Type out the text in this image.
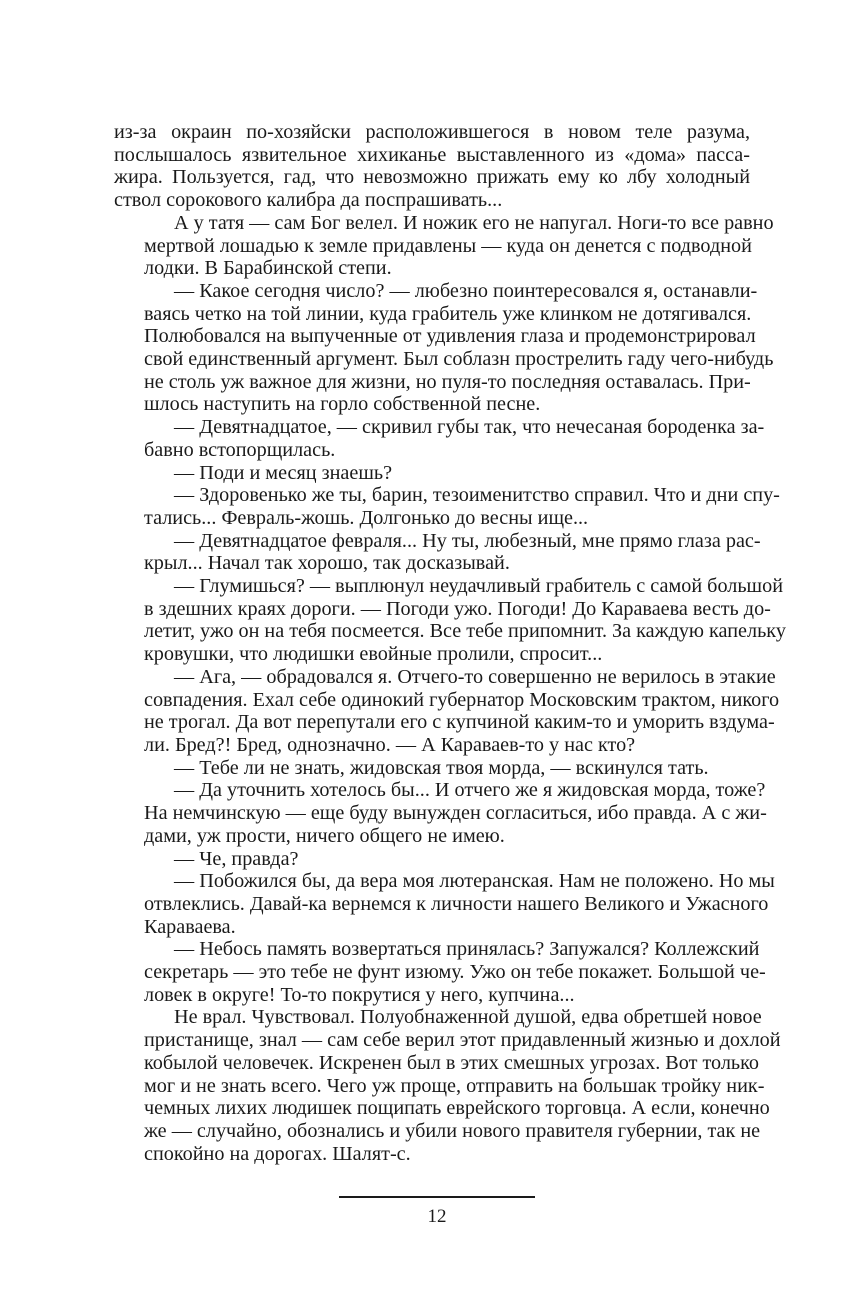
из-за окраин по-хозяйски расположившегося в новом теле разума,
послышалось язвительное хихиканье выставленного из «дома» пасса-
жира. Пользуется, гад, что невозможно прижать ему ко лбу холодный
ствол сорокового калибра да поспрашивать...

А у татя — сам Бог велел. И ножик его не напугал. Ноги-то все равно
мертвой лошадью к земле придавлены — куда он денется с подводной
лодки. В Барабинской степи.

— Какое сегодня число? — любезно поинтересовался я, останавли-
ваясь четко на той линии, куда грабитель уже клинком не дотягивался.
Полюбовался на выпученные от удивления глаза и продемонстрировал
свой единственный аргумент. Был соблазн прострелить гаду чего-нибудь
не столь уж важное для жизни, но пуля-то последняя оставалась. При-
шлось наступить на горло собственной песне.

— Девятнадцатое, — скривил губы так, что нечесаная бороденка за-
бавно встопорщилась.

— Поди и месяц знаешь?

— Здоровенько же ты, барин, тезоименитство справил. Что и дни спу-
тались... Февраль-жошь. Долгонько до весны ище...

— Девятнадцатое февраля... Ну ты, любезный, мне прямо глаза рас-
крыл... Начал так хорошо, так досказывай.

— Глумишься? — выплюнул неудачливый грабитель с самой большой
в здешних краях дороги. — Погоди ужо. Погоди! До Караваева весть до-
летит, ужо он на тебя посмеется. Все тебе припомнит. За каждую капельку
кровушки, что людишки евойные пролили, спросит...

— Ага, — обрадовался я. Отчего-то совершенно не верилось в этакие
совпадения. Ехал себе одинокий губернатор Московским трактом, никого
не трогал. Да вот перепутали его с купчиной каким-то и уморить вздума-
ли. Бред?! Бред, однозначно. — А Караваев-то у нас кто?

— Тебе ли не знать, жидовская твоя морда, — вскинулся тать.

— Да уточнить хотелось бы... И отчего же я жидовская морда, тоже?
На немчинскую — еще буду вынужден согласиться, ибо правда. А с жи-
дами, уж прости, ничего общего не имею.

— Че, правда?

— Побожился бы, да вера моя лютеранская. Нам не положено. Но мы
отвлеклись. Давай-ка вернемся к личности нашего Великого и Ужасного
Караваева.

— Небось память возвертаться принялась? Запужался? Коллежский
секретарь — это тебе не фунт изюму. Ужо он тебе покажет. Большой че-
ловек в округе! То-то покрутися у него, купчина...

Не врал. Чувствовал. Полуобнаженной душой, едва обретшей новое
пристанище, знал — сам себе верил этот придавленный жизнью и дохлой
кобылой человечек. Искренен был в этих смешных угрозах. Вот только
мог и не знать всего. Чего уж проще, отправить на большак тройку ник-
чемных лихих людишек пощипать еврейского торговца. А если, конечно
же — случайно, обознались и убили нового правителя губернии, так не
спокойно на дорогах. Шалят-с.

12
